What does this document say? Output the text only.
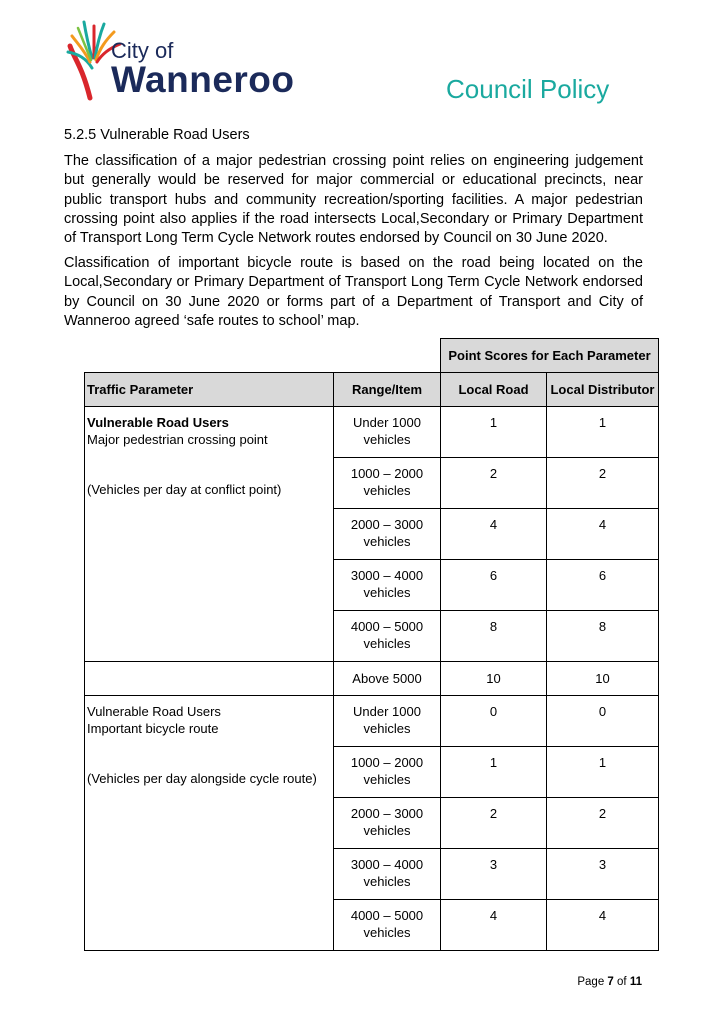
City of
Wanneroo	Council Policy
5.2.5 Vulnerable Road Users

The classification of a major pedestrian crossing point relies on engineering judgement but generally would be reserved for major commercial or educational precincts, near public transport hubs and community recreation/sporting facilities. A major pedestrian crossing point also applies if the road intersects Local,Secondary or Primary Department of Transport Long Term Cycle Network routes endorsed by Council on 30 June 2020.

Classification of important bicycle route is based on the road being located on the Local,Secondary or Primary Department of Transport Long Term Cycle Network endorsed by Council on 30 June 2020 or forms part of a Department of Transport and City of Wanneroo agreed ‘safe routes to school’ map.

		Point Scores for Each Parameter	
Traffic Parameter	Range/Item	Local Road	Local Distributor

Vulnerable Road Users
Major pedestrian crossing point
(Vehicles per day at conflict point)	Under 1000 vehicles	1	1
	1000 – 2000 vehicles	2	2
	2000 – 3000 vehicles	4	4
	3000 – 4000 vehicles	6	6
	4000 – 5000 vehicles	8	8
	Above 5000	10	10

Vulnerable Road Users
Important bicycle route
(Vehicles per day alongside cycle route)	Under 1000 vehicles	0	0
	1000 – 2000 vehicles	1	1
	2000 – 3000 vehicles	2	2
	3000 – 4000 vehicles	3	3
	4000 – 5000 vehicles	4	4
Page 7 of 11
